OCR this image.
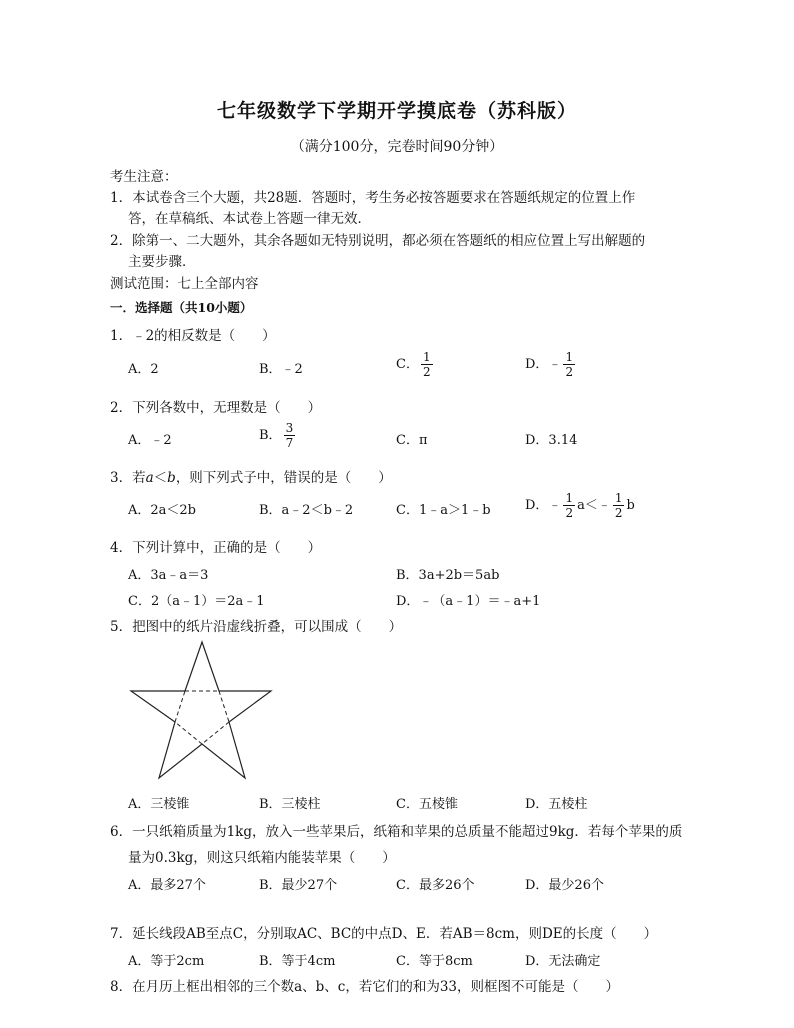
七年级数学下学期开学摸底卷（苏科版）
（满分100分，完卷时间90分钟）
考生注意：
1．本试卷含三个大题，共28题．答题时，考生务必按答题要求在答题纸规定的位置上作
答，在草稿纸、本试卷上答题一律无效．
2．除第一、二大题外，其余各题如无特别说明，都必须在答题纸的相应位置上写出解题的
主要步骤．
测试范围：七上全部内容
一．选择题（共10小题）
1．﹣2的相反数是（　　）
A．2	B．﹣2	C． $\frac{1}{2}$	D．﹣ $\frac{1}{2}$
2．下列各数中，无理数是（　　）
A．﹣2	B． $\frac{3}{7}$	C．π	D．3.14
3．若a＜b，则下列式子中，错误的是（　　）
A．2a＜2b	B．a﹣2＜b﹣2	C．1﹣a＞1﹣b	D．﹣ $\frac{1}{2}$ a＜﹣ $\frac{1}{2}$ b
4．下列计算中，正确的是（　　）
A．3a﹣a＝3	B．3a+2b＝5ab
C．2（a﹣1）＝2a﹣1	D．﹣（a﹣1）＝﹣a+1
5．把图中的纸片沿虚线折叠，可以围成（　　）
A．三棱锥	B．三棱柱	C．五棱锥	D．五棱柱
6．一只纸箱质量为1kg，放入一些苹果后，纸箱和苹果的总质量不能超过9kg．若每个苹果的质
量为0.3kg，则这只纸箱内能装苹果（　　）
A．最多27个	B．最少27个	C．最多26个	D．最少26个
7．延长线段AB至点C，分别取AC、BC的中点D、E．若AB＝8cm，则DE的长度（　　）
A．等于2cm	B．等于4cm	C．等于8cm	D．无法确定
8．在月历上框出相邻的三个数a、b、c，若它们的和为33，则框图不可能是（　　）
